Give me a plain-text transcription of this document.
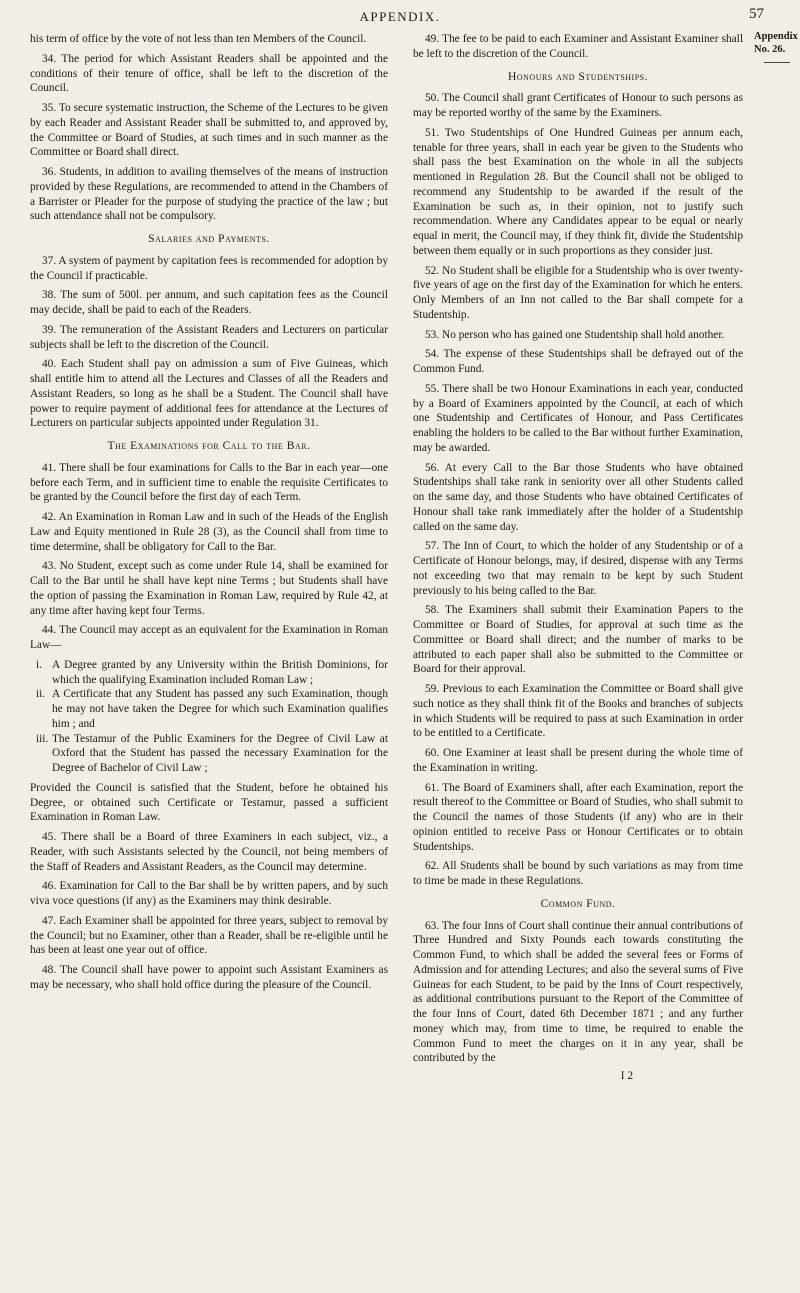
APPENDIX.	57
Appendix
No. 26.

his term of office by the vote of not less than ten Members of the Council.

34. The period for which Assistant Readers shall be appointed and the conditions of their tenure of office, shall be left to the discretion of the Council.

35. To secure systematic instruction, the Scheme of the Lectures to be given by each Reader and Assistant Reader shall be submitted to, and approved by, the Committee or Board of Studies, at such times and in such manner as the Committee or Board shall direct.

36. Students, in addition to availing themselves of the means of instruction provided by these Regulations, are recommended to attend in the Chambers of a Barrister or Pleader for the purpose of studying the practice of the law ; but such attendance shall not be compulsory.

Salaries and Payments.

37. A system of payment by capitation fees is recommended for adoption by the Council if practicable.

38. The sum of 500l. per annum, and such capitation fees as the Council may decide, shall be paid to each of the Readers.

39. The remuneration of the Assistant Readers and Lecturers on particular subjects shall be left to the discretion of the Council.

40. Each Student shall pay on admission a sum of Five Guineas, which shall entitle him to attend all the Lectures and Classes of all the Readers and Assistant Readers, so long as he shall be a Student. The Council shall have power to require payment of additional fees for attendance at the Lectures of Lecturers on particular subjects appointed under Regulation 31.

The Examinations for Call to the Bar.

41. There shall be four examinations for Calls to the Bar in each year—one before each Term, and in sufficient time to enable the requisite Certificates to be granted by the Council before the first day of each Term.

42. An Examination in Roman Law and in such of the Heads of the English Law and Equity mentioned in Rule 28 (3), as the Council shall from time to time determine, shall be obligatory for Call to the Bar.

43. No Student, except such as come under Rule 14, shall be examined for Call to the Bar until he shall have kept nine Terms ; but Students shall have the option of passing the Examination in Roman Law, required by Rule 42, at any time after having kept four Terms.

44. The Council may accept as an equivalent for the Examination in Roman Law—

i. A Degree granted by any University within the British Dominions, for which the qualifying Examination included Roman Law ;
ii. A Certificate that any Student has passed any such Examination, though he may not have taken the Degree for which such Examination qualifies him ; and
iii. The Testamur of the Public Examiners for the Degree of Civil Law at Oxford that the Student has passed the necessary Examination for the Degree of Bachelor of Civil Law ;

Provided the Council is satisfied that the Student, before he obtained his Degree, or obtained such Certificate or Testamur, passed a sufficient Examination in Roman Law.

45. There shall be a Board of three Examiners in each subject, viz., a Reader, with such Assistants selected by the Council, not being members of the Staff of Readers and Assistant Readers, as the Council may determine.

46. Examination for Call to the Bar shall be by written papers, and by such viva voce questions (if any) as the Examiners may think desirable.

47. Each Examiner shall be appointed for three years, subject to removal by the Council; but no Examiner, other than a Reader, shall be re-eligible until he has been at least one year out of office.

48. The Council shall have power to appoint such Assistant Examiners as may be necessary, who shall hold office during the pleasure of the Council.

49. The fee to be paid to each Examiner and Assistant Examiner shall be left to the discretion of the Council.

Honours and Studentships.

50. The Council shall grant Certificates of Honour to such persons as may be reported worthy of the same by the Examiners.

51. Two Studentships of One Hundred Guineas per annum each, tenable for three years, shall in each year be given to the Students who shall pass the best Examination on the whole in all the subjects mentioned in Regulation 28. But the Council shall not be obliged to recommend any Studentship to be awarded if the result of the Examination be such as, in their opinion, not to justify such recommendation. Where any Candidates appear to be equal or nearly equal in merit, the Council may, if they think fit, divide the Studentship between them equally or in such proportions as they consider just.

52. No Student shall be eligible for a Studentship who is over twenty-five years of age on the first day of the Examination for which he enters. Only Members of an Inn not called to the Bar shall compete for a Studentship.

53. No person who has gained one Studentship shall hold another.

54. The expense of these Studentships shall be defrayed out of the Common Fund.

55. There shall be two Honour Examinations in each year, conducted by a Board of Examiners appointed by the Council, at each of which one Studentship and Certificates of Honour, and Pass Certificates enabling the holders to be called to the Bar without further Examination, may be awarded.

56. At every Call to the Bar those Students who have obtained Studentships shall take rank in seniority over all other Students called on the same day, and those Students who have obtained Certificates of Honour shall take rank immediately after the holder of a Studentship called on the same day.

57. The Inn of Court, to which the holder of any Studentship or of a Certificate of Honour belongs, may, if desired, dispense with any Terms not exceeding two that may remain to be kept by such Student previously to his being called to the Bar.

58. The Examiners shall submit their Examination Papers to the Committee or Board of Studies, for approval at such time as the Committee or Board shall direct; and the number of marks to be attributed to each paper shall also be submitted to the Committee or Board for their approval.

59. Previous to each Examination the Committee or Board shall give such notice as they shall think fit of the Books and branches of subjects in which Students will be required to pass at such Examination in order to be entitled to a Certificate.

60. One Examiner at least shall be present during the whole time of the Examination in writing.

61. The Board of Examiners shall, after each Examination, report the result thereof to the Committee or Board of Studies, who shall submit to the Council the names of those Students (if any) who are in their opinion entitled to receive Pass or Honour Certificates or to obtain Studentships.

62. All Students shall be bound by such variations as may from time to time be made in these Regulations.

Common Fund.

63. The four Inns of Court shall continue their annual contributions of Three Hundred and Sixty Pounds each towards constituting the Common Fund, to which shall be added the several fees or Forms of Admission and for attending Lectures; and also the several sums of Five Guineas for each Student, to be paid by the Inns of Court respectively, as additional contributions pursuant to the Report of the Committee of the four Inns of Court, dated 6th December 1871 ; and any further money which may, from time to time, be required to enable the Common Fund to meet the charges on it in any year, shall be contributed by the

I 2
